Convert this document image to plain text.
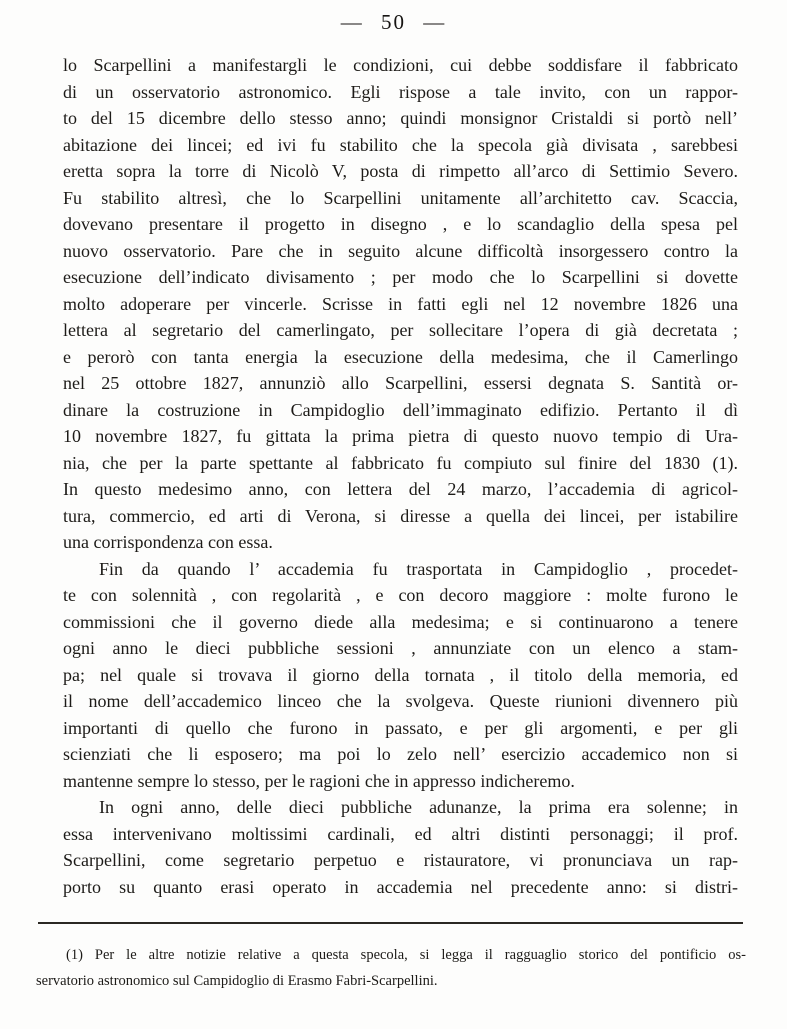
— 50 —
lo Scarpellini a manifestargli le condizioni, cui debbe soddisfare il fabbricato
di un osservatorio astronomico. Egli rispose a tale invito, con un rappor-
to del 15 dicembre dello stesso anno; quindi monsignor Cristaldi si portò nell’
abitazione dei lincei; ed ivi fu stabilito che la specola già divisata , sarebbesi
eretta sopra la torre di Nicolò V, posta di rimpetto all’arco di Settimio Severo.
Fu stabilito altresì, che lo Scarpellini unitamente all’architetto cav. Scaccia,
dovevano presentare il progetto in disegno , e lo scandaglio della spesa pel
nuovo osservatorio. Pare che in seguito alcune difficoltà insorgessero contro la
esecuzione dell’indicato divisamento ; per modo che lo Scarpellini si dovette
molto adoperare per vincerle. Scrisse in fatti egli nel 12 novembre 1826 una
lettera al segretario del camerlingato, per sollecitare l’opera di già decretata ;
e perorò con tanta energia la esecuzione della medesima, che il Camerlingo
nel 25 ottobre 1827, annunziò allo Scarpellini, essersi degnata S. Santità or-
dinare la costruzione in Campidoglio dell’immaginato edifizio. Pertanto il dì
10 novembre 1827, fu gittata la prima pietra di questo nuovo tempio di Ura-
nia, che per la parte spettante al fabbricato fu compiuto sul finire del 1830 (1).
In questo medesimo anno, con lettera del 24 marzo, l’accademia di agricol-
tura, commercio, ed arti di Verona, si diresse a quella dei lincei, per istabilire
una corrispondenza con essa.
Fin da quando l’ accademia fu trasportata in Campidoglio , procedet-
te con solennità , con regolarità , e con decoro maggiore : molte furono le
commissioni che il governo diede alla medesima; e si continuarono a tenere
ogni anno le dieci pubbliche sessioni , annunziate con un elenco a stam-
pa; nel quale si trovava il giorno della tornata , il titolo della memoria, ed
il nome dell’accademico linceo che la svolgeva. Queste riunioni divennero più
importanti di quello che furono in passato, e per gli argomenti, e per gli
scienziati che li esposero; ma poi lo zelo nell’ esercizio accademico non si
mantenne sempre lo stesso, per le ragioni che in appresso indicheremo.
In ogni anno, delle dieci pubbliche adunanze, la prima era solenne; in
essa intervenivano moltissimi cardinali, ed altri distinti personaggi; il prof.
Scarpellini, come segretario perpetuo e ristauratore, vi pronunciava un rap-
porto su quanto erasi operato in accademia nel precedente anno: si distri-
(1) Per le altre notizie relative a questa specola, si legga il ragguaglio storico del pontificio os-
servatorio astronomico sul Campidoglio di Erasmo Fabri-Scarpellini.
